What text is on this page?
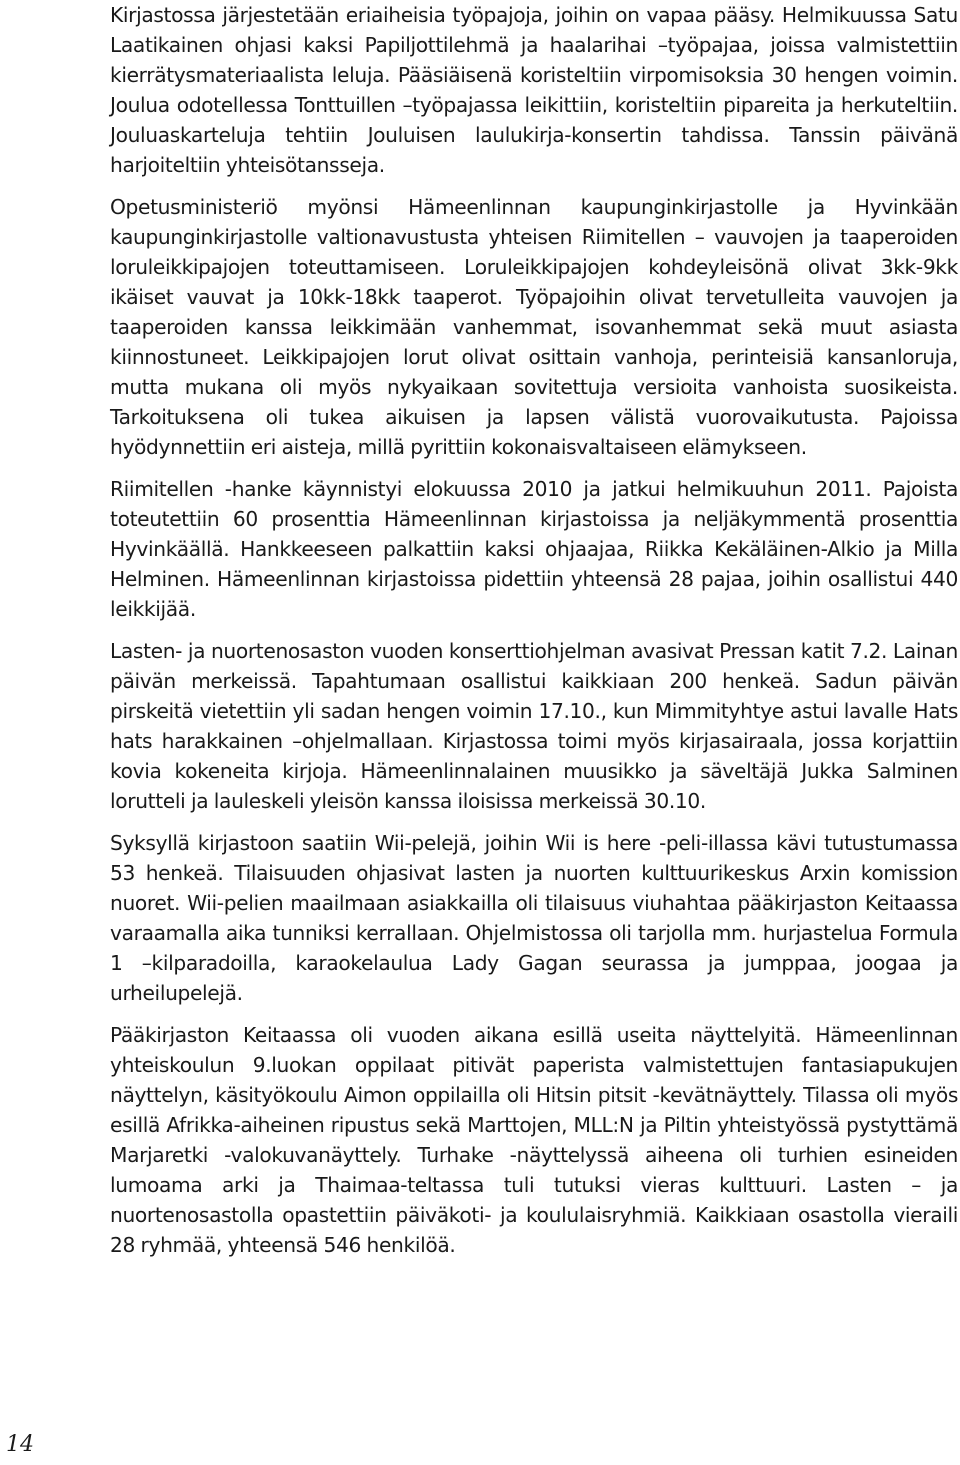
Kirjastossa järjestetään eriaiheisia työpajoja, joihin on vapaa pääsy. Helmikuussa Satu Laatikainen ohjasi kaksi Papiljottilehmä ja haalarihai –työpajaa, joissa valmistettiin kierrätysmateriaalista leluja. Pääsiäisenä koristeltiin virpomisoksia 30 hengen voimin. Joulua odotellessa Tonttuillen –työpajassa leikittiin, koristeltiin pipareita ja herkuteltiin. Jouluaskarteluja tehtiin Jouluisen laulukirja-konsertin tahdissa. Tanssin päivänä harjoiteltiin yhteisötansseja.

Opetusministeriö myönsi Hämeenlinnan kaupunginkirjastolle ja Hyvinkään kaupunginkirjastolle valtionavustusta yhteisen Riimitellen – vauvojen ja taaperoiden loruleikkipajojen toteuttamiseen. Loruleikkipajojen kohdeyleisönä olivat 3kk-9kk ikäiset vauvat ja 10kk-18kk taaperot. Työpajoihin olivat tervetulleita vauvojen ja taaperoiden kanssa leikkimään vanhemmat, isovanhemmat sekä muut asiasta kiinnostuneet. Leikkipajojen lorut olivat osittain vanhoja, perinteisiä kansanloruja, mutta mukana oli myös nykyaikaan sovitettuja versioita vanhoista suosikeista. Tarkoituksena oli tukea aikuisen ja lapsen välistä vuorovaikutusta. Pajoissa hyödynnettiin eri aisteja, millä pyrittiin kokonaisvaltaiseen elämykseen.

Riimitellen -hanke käynnistyi elokuussa 2010 ja jatkui helmikuuhun 2011. Pajoista toteutettiin 60 prosenttia Hämeenlinnan kirjastoissa ja neljäkymmentä prosenttia Hyvinkäällä. Hankkeeseen palkattiin kaksi ohjaajaa, Riikka Kekäläinen-Alkio ja Milla Helminen. Hämeenlinnan kirjastoissa pidettiin yhteensä 28 pajaa, joihin osallistui 440 leikkijää.

Lasten- ja nuortenosaston vuoden konserttiohjelman avasivat Pressan katit 7.2. Lainan päivän merkeissä. Tapahtumaan osallistui kaikkiaan 200 henkeä. Sadun päivän pirskeitä vietettiin yli sadan hengen voimin 17.10., kun Mimmityhtye astui lavalle Hats hats harakkainen –ohjelmallaan. Kirjastossa toimi myös kirjasairaala, jossa korjattiin kovia kokeneita kirjoja. Hämeenlinnalainen muusikko ja säveltäjä Jukka Salminen lorutteli ja lauleskeli yleisön kanssa iloisissa merkeissä 30.10.

Syksyllä kirjastoon saatiin Wii-pelejä, joihin Wii is here -peli-illassa kävi tutustumassa 53 henkeä. Tilaisuuden ohjasivat lasten ja nuorten kulttuurikeskus Arxin komission nuoret. Wii-pelien maailmaan asiakkailla oli tilaisuus viuhahtaa pääkirjaston Keitaassa varaamalla aika tunniksi kerrallaan. Ohjelmistossa oli tarjolla mm. hurjastelua Formula 1 –kilparadoilla, karaokelaulua Lady Gagan seurassa ja jumppaa, joogaa ja urheilupelejä.

Pääkirjaston Keitaassa oli vuoden aikana esillä useita näyttelyitä. Hämeenlinnan yhteiskoulun 9.luokan oppilaat pitivät paperista valmistettujen fantasiapukujen näyttelyn, käsityökoulu Aimon oppilailla oli Hitsin pitsit -kevätnäyttely. Tilassa oli myös esillä Afrikka-aiheinen ripustus sekä Marttojen, MLL:N ja Piltin yhteistyössä pystyttämä Marjaretki -valokuvanäyttely. Turhake -näyttelyssä aiheena oli turhien esineiden lumoama arki ja Thaimaa-teltassa tuli tutuksi vieras kulttuuri. Lasten – ja nuortenosastolla opastettiin päiväkoti- ja koululaisryhmiä. Kaikkiaan osastolla vieraili 28 ryhmää, yhteensä 546 henkilöä.

14
